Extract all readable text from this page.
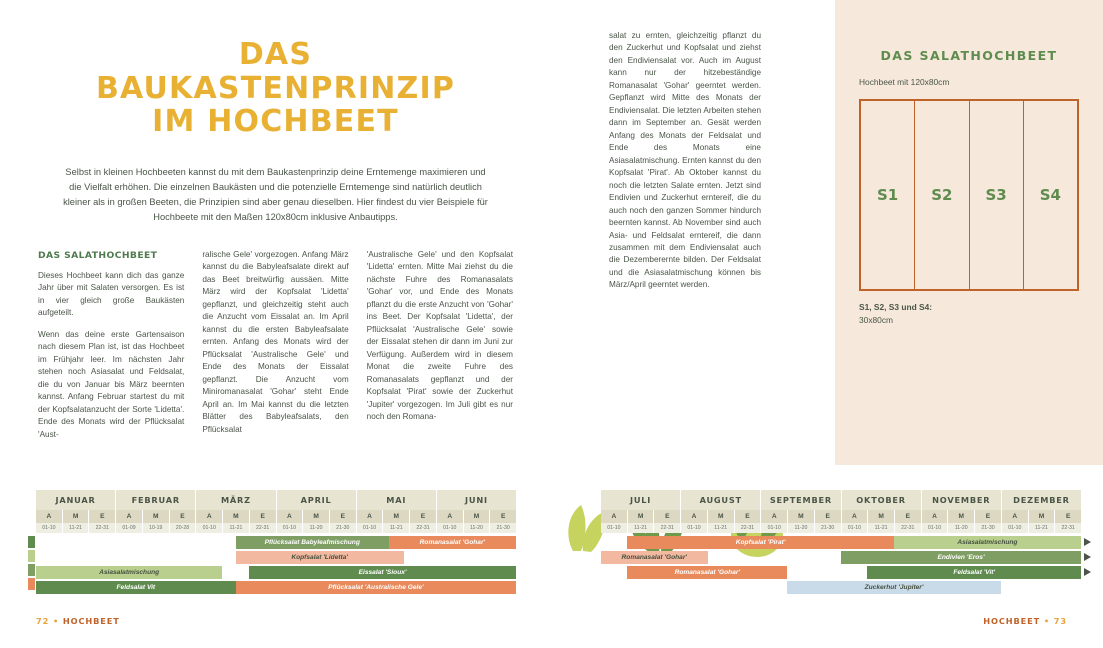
DAS BAUKASTENPRINZIP
IM HOCHBEET
Selbst in kleinen Hochbeeten kannst du mit dem Baukastenprinzip deine Erntemenge maximieren und die Vielfalt erhöhen. Die einzelnen Baukästen und die potenzielle Erntemenge sind natürlich deutlich kleiner als in großen Beeten, die Prinzipien sind aber genau dieselben. Hier findest du vier Beispiele für Hochbeete mit den Maßen 120x80cm inklusive Anbautipps.
DAS SALATHOCHBEET

Dieses Hochbeet kann dich das ganze Jahr über mit Salaten versorgen. Es ist in vier gleich große Baukästen aufgeteilt.

Wenn das deine erste Gartensaison nach diesem Plan ist, ist das Hochbeet im Frühjahr leer. Im nächsten Jahr stehen noch Asiasalat und Feldsalat, die du von Januar bis März beernten kannst. Anfang Februar startest du mit der Kopfsalatanzucht der Sorte 'Lidetta'. Ende des Monats wird der Pflücksalat 'Aust-

ralische Gele' vorgezogen. Anfang März kannst du die Babyleafsalate direkt auf das Beet breitwürfig aussäen. Mitte März wird der Kopfsalat 'Lidetta' gepflanzt, und gleichzeitig steht auch die Anzucht vom Eissalat an. Im April kannst du die ersten Babyleafsalate ernten. Anfang des Monats wird der Pflücksalat 'Australische Gele' und Ende des Monats der Eissalat gepflanzt. Die Anzucht vom Miniromanasalat 'Gohar' steht Ende April an. Im Mai kannst du die letzten Blätter des Babyleafsalats, den Pflücksalat

'Australische Gele' und den Kopfsalat 'Lidetta' ernten. Mitte Mai ziehst du die nächste Fuhre des Romanasalats 'Gohar' vor, und Ende des Monats pflanzt du die erste Anzucht von 'Gohar' ins Beet. Der Kopfsalat 'Lidetta', der Pflücksalat 'Australische Gele' sowie der Eissalat stehen dir dann im Juni zur Verfügung. Außerdem wird in diesem Monat die zweite Fuhre des Romanasalats gepflanzt und der Kopfsalat 'Pirat' sowie der Zuckerhut 'Jupiter' vorgezogen. Im Juli gibt es nur noch den Romana-

JANUAR	FEBRUAR	MÄRZ	APRIL	MAI	JUNI
A	M	E	A	M	E	A	M	E	A	M	E	A	M	E	A	M	E
01-10	11-21	22-31	01-09	10-19	20-28	01-10	11-21	22-31	01-10	11-20	21-30	01-10	11-21	22-31	01-10	11-20	21-30
Pflücksalat Babyleafmischung	Romanasalat 'Gohar'
Kopfsalat 'Lidetta'
Asiasalatmischung	Eissalat 'Sioux'
Feldsalat Vit	Pflücksalat 'Australische Gele'
72 • HOCHBEET
DAS SALATHOCHBEET
Hochbeet mit 120x80cm
S1	S2	S3	S4
S1, S2, S3 und S4:
30x80cm

salat zu ernten, gleichzeitig pflanzt du den Zuckerhut und Kopfsalat und ziehst den Endiviensalat vor. Auch im August kann nur der hitzebeständige Romanasalat 'Gohar' geerntet werden. Gepflanzt wird Mitte des Monats der Endiviensalat. Die letzten Arbeiten stehen dann im September an. Gesät werden Anfang des Monats der Feldsalat und Ende des Monats eine Asiasalatmischung. Ernten kannst du den Kopfsalat 'Pirat'. Ab Oktober kannst du noch die letzten Salate ernten. Jetzt sind Endivien und Zuckerhut erntereif, die du auch noch den ganzen Sommer hindurch beernten kannst. Ab November sind auch Asia- und Feldsalat erntereif, die dann zusammen mit dem Endiviensalat auch die Dezemberernte bilden. Der Feldsalat und die Asiasalatmischung können bis März/April geerntet werden.

JULI	AUGUST	SEPTEMBER	OKTOBER	NOVEMBER	DEZEMBER
A	M	E	A	M	E	A	M	E	A	M	E	A	M	E	A	M	E
01-10	11-21	22-31	01-10	11-21	22-31	01-10	11-20	21-30	01-10	11-21	22-31	01-10	11-20	21-30	01-10	11-21	22-31
Kopfsalat 'Pirat'	Asiasalatmischung
Romanasalat 'Gohar'	Endivien 'Eros'
Romanasalat 'Gohar'	Feldsalat 'Vit'
Zuckerhut 'Jupiter'
HOCHBEET • 73
